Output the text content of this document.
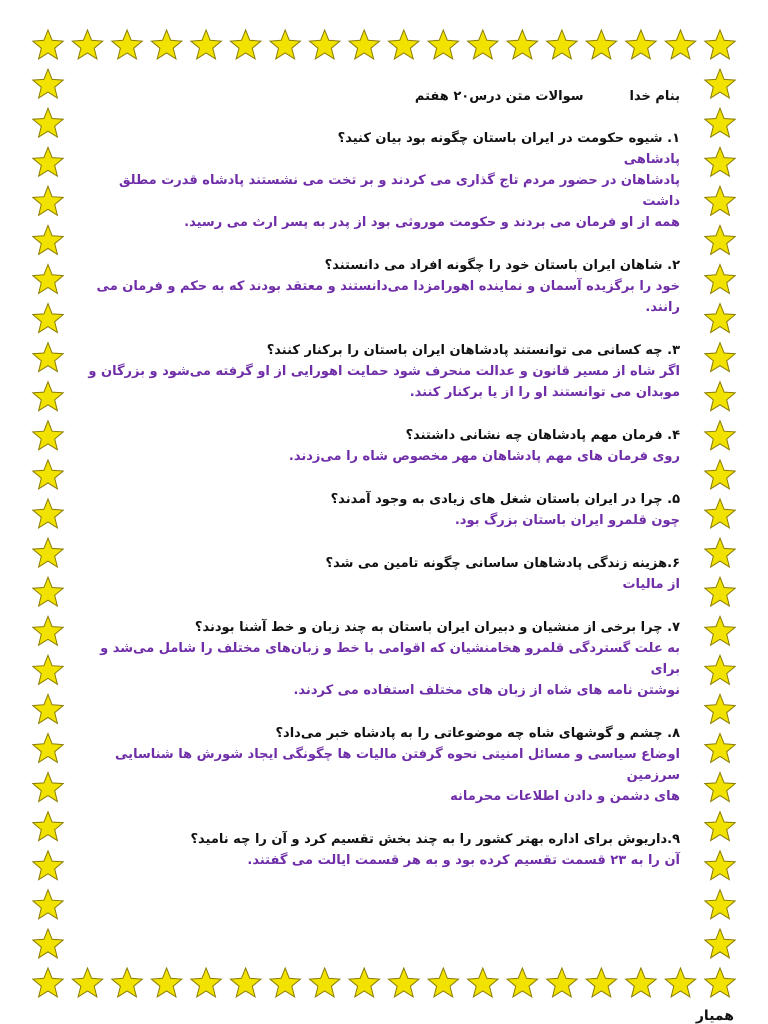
بنام خدا
سوالات متن درس۲۰ هفتم
۱. شیوه حکومت در ایران باستان چگونه بود بیان کنید؟
پادشاهی
پادشاهان در حضور مردم تاج گذاری می کردند و بر تخت می نشستند پادشاه قدرت مطلق داشت
همه از او فرمان می بردند و حکومت موروثی بود از پدر به پسر ارث می رسید.
۲. شاهان ایران باستان خود را چگونه افراد می دانستند؟
خود را برگزیده آسمان و نماینده اهورامزدا می‌دانستند و معتقد بودند که به حکم و فرمان می رانند.
۳. چه کسانی می توانستند پادشاهان ایران باستان را برکنار کنند؟
اگر شاه از مسیر قانون و عدالت منحرف شود حمایت اهورایی از او گرفته می‌شود و بزرگان و
موبدان می توانستند او را از یا برکنار کنند.
۴. فرمان مهم پادشاهان چه نشانی داشتند؟
روی فرمان های مهم پادشاهان مهر مخصوص شاه را می‌زدند.
۵. چرا در ایران باستان شغل های زیادی به وجود آمدند؟
چون قلمرو ایران باستان بزرگ بود.
۶.هزینه زندگی پادشاهان ساسانی چگونه تامین می شد؟
از مالیات
۷. چرا برخی از منشیان و دبیران ایران باستان به چند زبان و خط آشنا بودند؟
به علت گستردگی قلمرو هخامنشیان که اقوامی با خط و زبان‌های مختلف را شامل می‌شد و برای
نوشتن نامه های شاه از زبان های مختلف استفاده می کردند.
۸. چشم و گوشهای شاه چه موضوعاتی را به پادشاه خبر می‌داد؟
اوضاع سیاسی و مسائل امنیتی نحوه گرفتن مالیات ها چگونگی ایجاد شورش ها شناسایی سرزمین
های دشمن و دادن اطلاعات محرمانه
۹.داریوش برای اداره بهتر کشور را به چند بخش تقسیم کرد و آن را چه نامید؟
آن را به ۲۳ قسمت تقسیم کرده بود و به هر قسمت ایالت می گفتند.
همیار
